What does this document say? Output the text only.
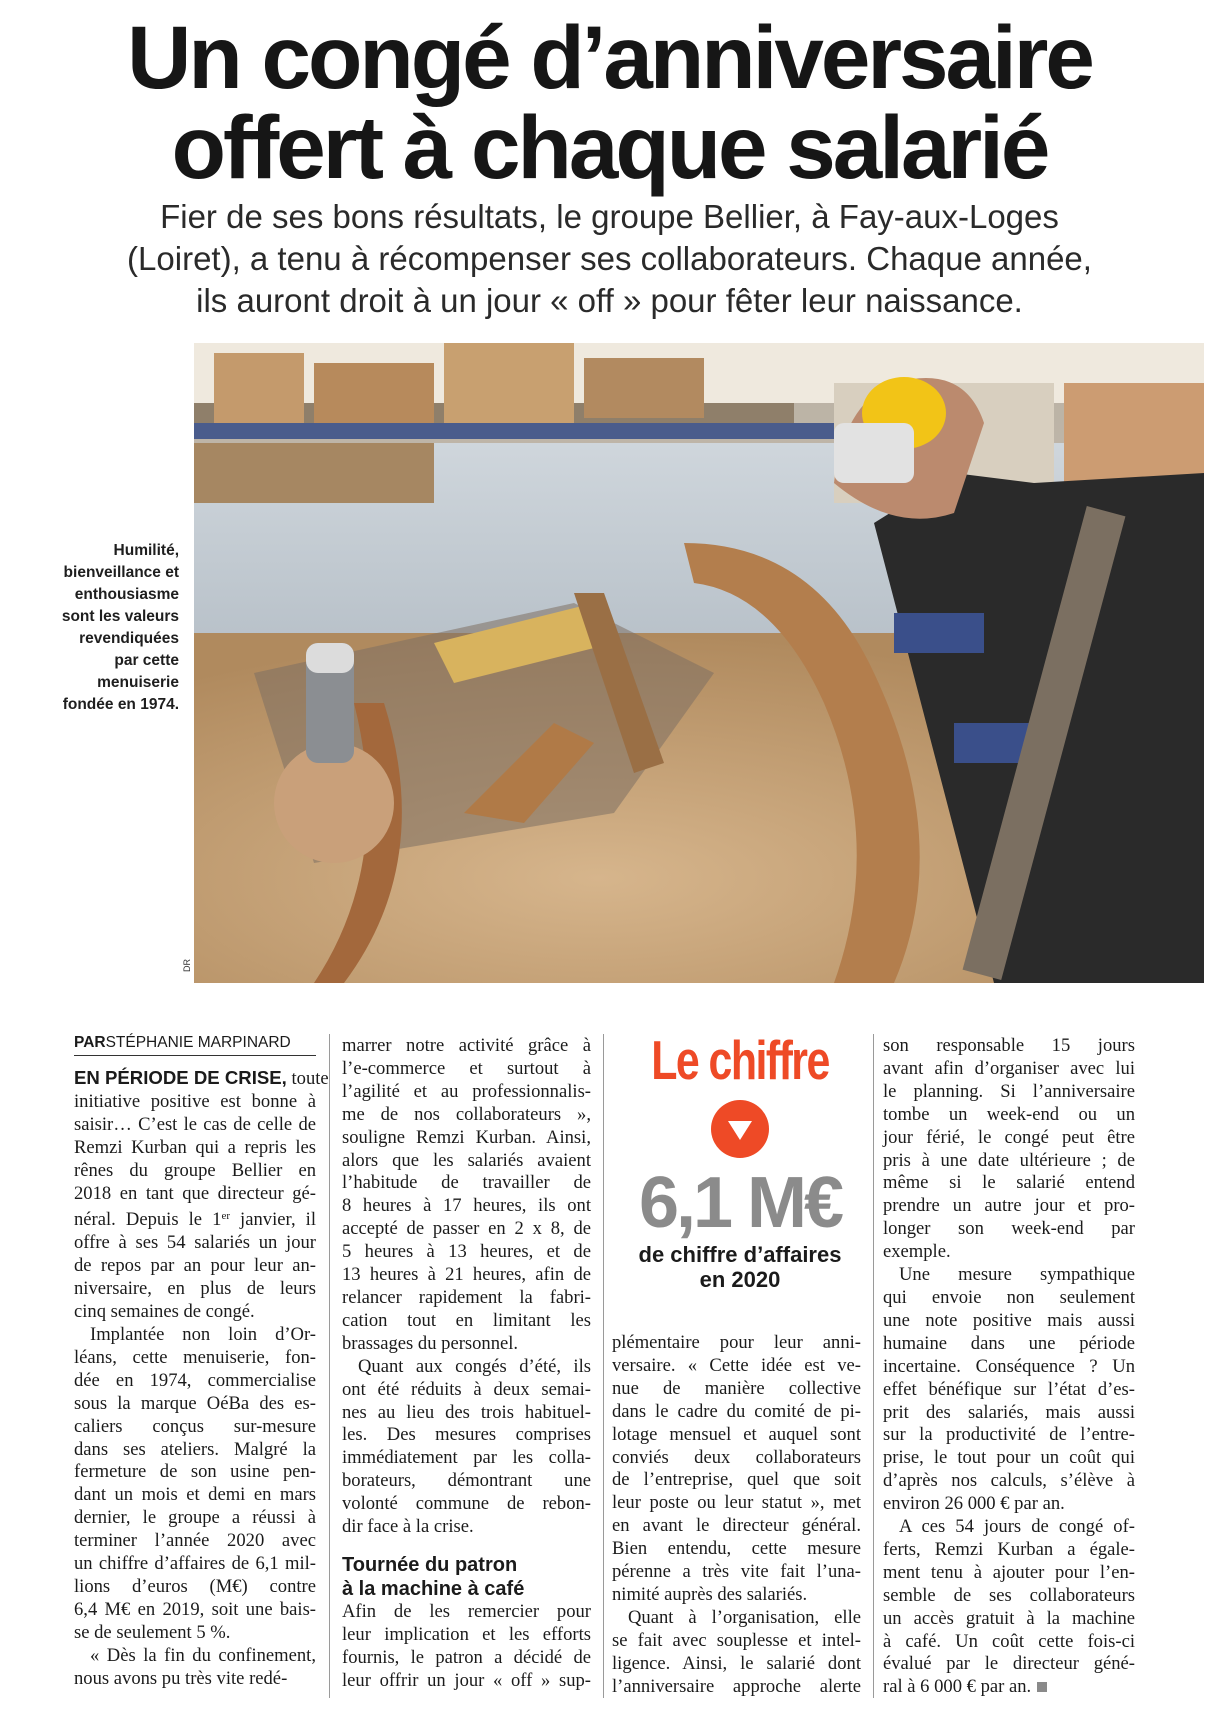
Un congé d’anniversaire
offert à chaque salarié
Fier de ses bons résultats, le groupe Bellier, à Fay-aux-Loges
(Loiret), a tenu à récompenser ses collaborateurs. Chaque année,
ils auront droit à un jour « off » pour fêter leur naissance.
Humilité,
bienveillance et
enthousiasme
sont les valeurs
revendiquées
par cette
menuiserie
fondée en 1974.
DR
PARSTÉPHANIE MARPINARD
EN PÉRIODE DE CRISE, toute
initiative positive est bonne à
saisir… C’est le cas de celle de
Remzi Kurban qui a repris les
rênes du groupe Bellier en
2018 en tant que directeur gé-
néral. Depuis le 1er janvier, il
offre à ses 54 salariés un jour
de repos par an pour leur an-
niversaire, en plus de leurs
cinq semaines de congé.
Implantée non loin d’Or-
léans, cette menuiserie, fon-
dée en 1974, commercialise
sous la marque OéBa des es-
caliers conçus sur-mesure
dans ses ateliers. Malgré la
fermeture de son usine pen-
dant un mois et demi en mars
dernier, le groupe a réussi à
terminer l’année 2020 avec
un chiffre d’affaires de 6,1 mil-
lions d’euros (M€) contre
6,4 M€ en 2019, soit une bais-
se de seulement 5 %.
« Dès la fin du confinement,
nous avons pu très vite redé-
marrer notre activité grâce à
l’e-commerce et surtout à
l’agilité et au professionnalis-
me de nos collaborateurs »,
souligne Remzi Kurban. Ainsi,
alors que les salariés avaient
l’habitude de travailler de
8 heures à 17 heures, ils ont
accepté de passer en 2 x 8, de
5 heures à 13 heures, et de
13 heures à 21 heures, afin de
relancer rapidement la fabri-
cation tout en limitant les
brassages du personnel.
Quant aux congés d’été, ils
ont été réduits à deux semai-
nes au lieu des trois habituel-
les. Des mesures comprises
immédiatement par les colla-
borateurs, démontrant une
volonté commune de rebon-
dir face à la crise.
Tournée du patron
à la machine à café
Afin de les remercier pour
leur implication et les efforts
fournis, le patron a décidé de
leur offrir un jour « off » sup-
Le chiffre
6,1 M€
de chiffre d’affaires
en 2020
plémentaire pour leur anni-
versaire. « Cette idée est ve-
nue de manière collective
dans le cadre du comité de pi-
lotage mensuel et auquel sont
conviés deux collaborateurs
de l’entreprise, quel que soit
leur poste ou leur statut », met
en avant le directeur général.
Bien entendu, cette mesure
pérenne a très vite fait l’una-
nimité auprès des salariés.
Quant à l’organisation, elle
se fait avec souplesse et intel-
ligence. Ainsi, le salarié dont
l’anniversaire approche alerte
son responsable 15 jours
avant afin d’organiser avec lui
le planning. Si l’anniversaire
tombe un week-end ou un
jour férié, le congé peut être
pris à une date ultérieure ; de
même si le salarié entend
prendre un autre jour et pro-
longer son week-end par
exemple.
Une mesure sympathique
qui envoie non seulement
une note positive mais aussi
humaine dans une période
incertaine. Conséquence ? Un
effet bénéfique sur l’état d’es-
prit des salariés, mais aussi
sur la productivité de l’entre-
prise, le tout pour un coût qui
d’après nos calculs, s’élève à
environ 26 000 € par an.
A ces 54 jours de congé of-
ferts, Remzi Kurban a égale-
ment tenu à ajouter pour l’en-
semble de ses collaborateurs
un accès gratuit à la machine
à café. Un coût cette fois-ci
évalué par le directeur géné-
ral à 6 000 € par an.
